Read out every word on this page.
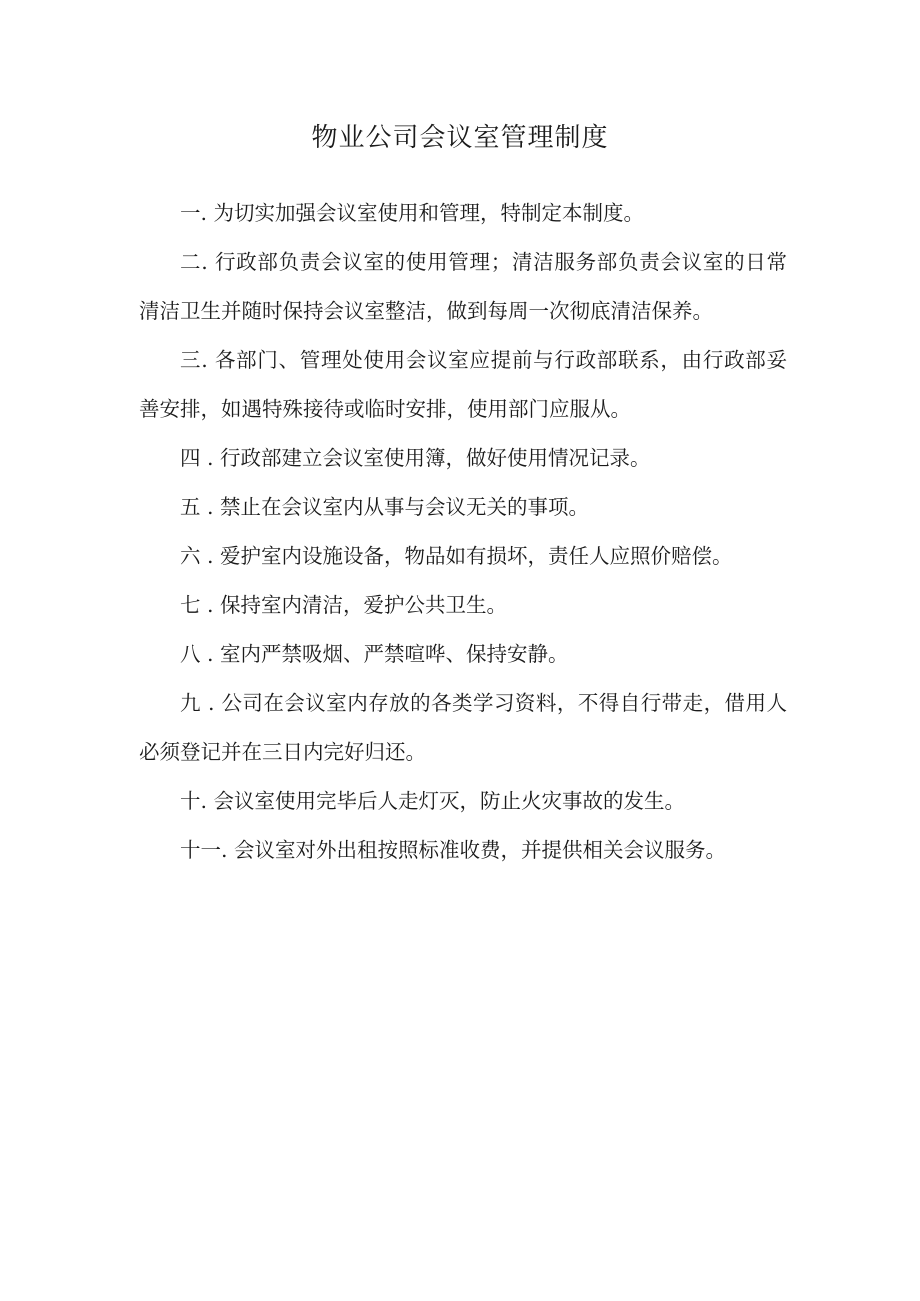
物业公司会议室管理制度

一. 为切实加强会议室使用和管理，特制定本制度。

二. 行政部负责会议室的使用管理；清洁服务部负责会议室的日常清洁卫生并随时保持会议室整洁，做到每周一次彻底清洁保养。

三. 各部门、管理处使用会议室应提前与行政部联系，由行政部妥善安排，如遇特殊接待或临时安排，使用部门应服从。

四 . 行政部建立会议室使用簿，做好使用情况记录。

五 . 禁止在会议室内从事与会议无关的事项。

六 . 爱护室内设施设备，物品如有损坏，责任人应照价赔偿。

七 . 保持室内清洁，爱护公共卫生。

八 . 室内严禁吸烟、严禁喧哗、保持安静。

九 . 公司在会议室内存放的各类学习资料，不得自行带走，借用人必须登记并在三日内完好归还。

十. 会议室使用完毕后人走灯灭，防止火灾事故的发生。

十一. 会议室对外出租按照标准收费，并提供相关会议服务。
